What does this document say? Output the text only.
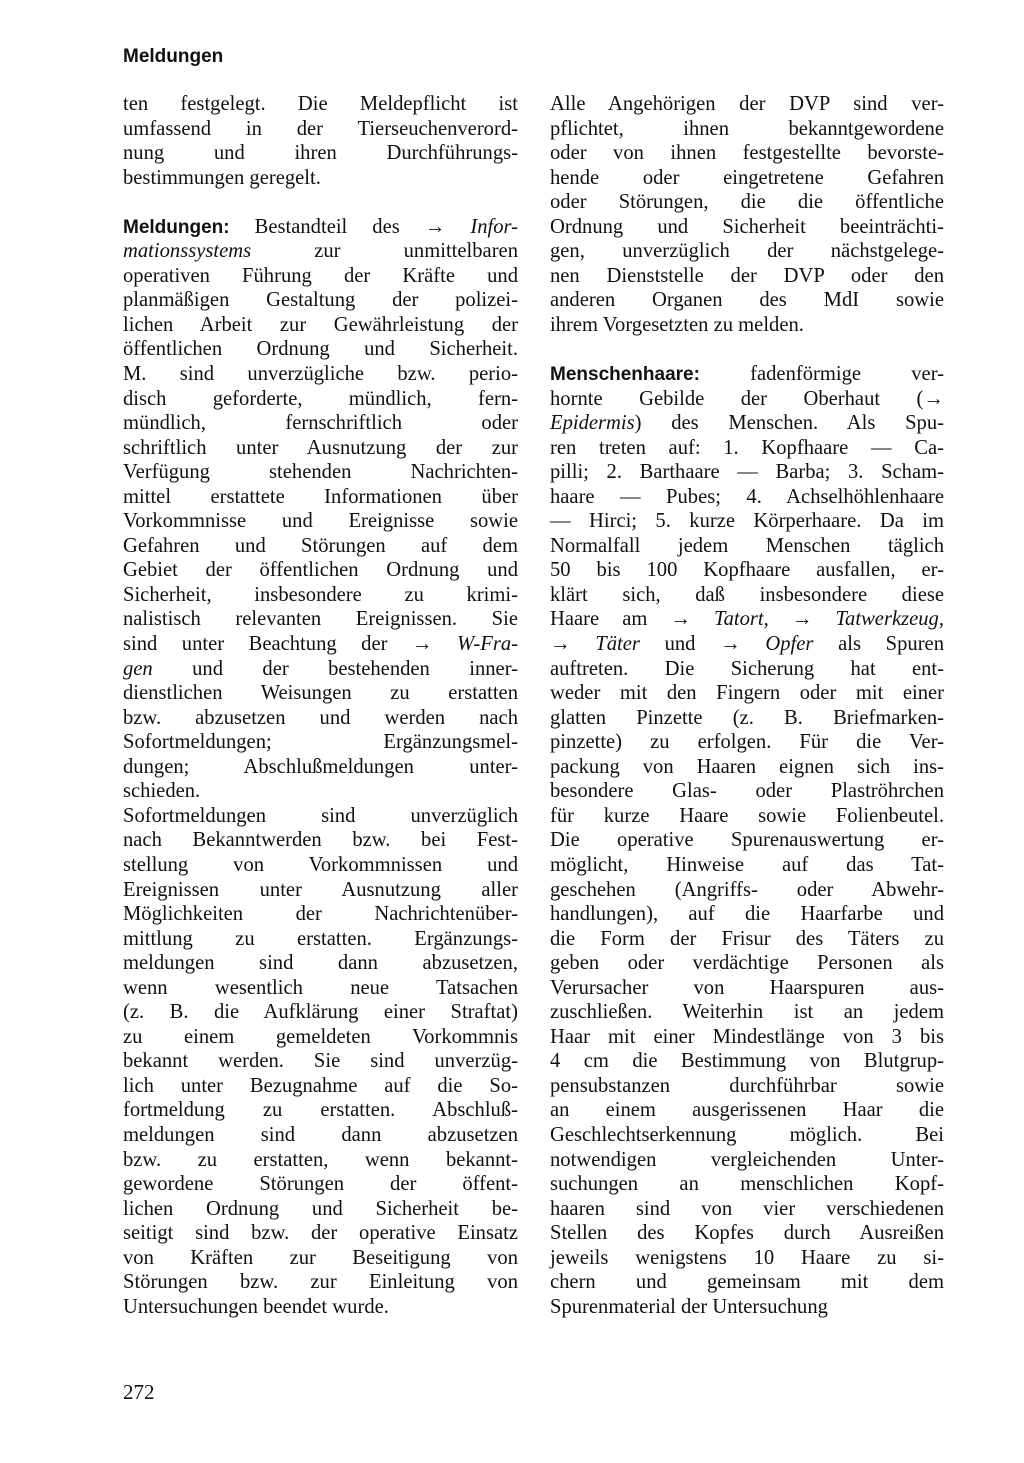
Meldungen
ten festgelegt. Die Meldepflicht ist
umfassend in der Tierseuchenverord-
nung und ihren Durchführungs-
bestimmungen geregelt.
Meldungen: Bestandteil des → Infor-
mationssystems zur unmittelbaren
operativen Führung der Kräfte und
planmäßigen Gestaltung der polizei-
lichen Arbeit zur Gewährleistung der
öffentlichen Ordnung und Sicherheit.
M. sind unverzügliche bzw. perio-
disch geforderte, mündlich, fern-
mündlich, fernschriftlich oder
schriftlich unter Ausnutzung der zur
Verfügung stehenden Nachrichten-
mittel erstattete Informationen über
Vorkommnisse und Ereignisse sowie
Gefahren und Störungen auf dem
Gebiet der öffentlichen Ordnung und
Sicherheit, insbesondere zu krimi-
nalistisch relevanten Ereignissen. Sie
sind unter Beachtung der → W-Fra-
gen und der bestehenden inner-
dienstlichen Weisungen zu erstatten
bzw. abzusetzen und werden nach
Sofortmeldungen; Ergänzungsmel-
dungen; Abschlußmeldungen unter-
schieden.
Sofortmeldungen sind unverzüglich
nach Bekanntwerden bzw. bei Fest-
stellung von Vorkommnissen und
Ereignissen unter Ausnutzung aller
Möglichkeiten der Nachrichtenüber-
mittlung zu erstatten. Ergänzungs-
meldungen sind dann abzusetzen,
wenn wesentlich neue Tatsachen
(z. B. die Aufklärung einer Straftat)
zu einem gemeldeten Vorkommnis
bekannt werden. Sie sind unverzüg-
lich unter Bezugnahme auf die So-
fortmeldung zu erstatten. Abschluß-
meldungen sind dann abzusetzen
bzw. zu erstatten, wenn bekannt-
gewordene Störungen der öffent-
lichen Ordnung und Sicherheit be-
seitigt sind bzw. der operative Einsatz
von Kräften zur Beseitigung von
Störungen bzw. zur Einleitung von
Untersuchungen beendet wurde.
Alle Angehörigen der DVP sind ver-
pflichtet, ihnen bekanntgewordene
oder von ihnen festgestellte bevorste-
hende oder eingetretene Gefahren
oder Störungen, die die öffentliche
Ordnung und Sicherheit beeinträchti-
gen, unverzüglich der nächstgelege-
nen Dienststelle der DVP oder den
anderen Organen des MdI sowie
ihrem Vorgesetzten zu melden.
Menschenhaare: fadenförmige ver-
hornte Gebilde der Oberhaut (→
Epidermis) des Menschen. Als Spu-
ren treten auf: 1. Kopfhaare — Ca-
pilli; 2. Barthaare — Barba; 3. Scham-
haare — Pubes; 4. Achselhöhlenhaare
— Hirci; 5. kurze Körperhaare. Da im
Normalfall jedem Menschen täglich
50 bis 100 Kopfhaare ausfallen, er-
klärt sich, daß insbesondere diese
Haare am → Tatort, → Tatwerkzeug,
→ Täter und → Opfer als Spuren
auftreten. Die Sicherung hat ent-
weder mit den Fingern oder mit einer
glatten Pinzette (z. B. Briefmarken-
pinzette) zu erfolgen. Für die Ver-
packung von Haaren eignen sich ins-
besondere Glas- oder Plaströhrchen
für kurze Haare sowie Folienbeutel.
Die operative Spurenauswertung er-
möglicht, Hinweise auf das Tat-
geschehen (Angriffs- oder Abwehr-
handlungen), auf die Haarfarbe und
die Form der Frisur des Täters zu
geben oder verdächtige Personen als
Verursacher von Haarspuren aus-
zuschließen. Weiterhin ist an jedem
Haar mit einer Mindestlänge von 3 bis
4 cm die Bestimmung von Blutgrup-
pensubstanzen durchführbar sowie
an einem ausgerissenen Haar die
Geschlechtserkennung möglich. Bei
notwendigen vergleichenden Unter-
suchungen an menschlichen Kopf-
haaren sind von vier verschiedenen
Stellen des Kopfes durch Ausreißen
jeweils wenigstens 10 Haare zu si-
chern und gemeinsam mit dem
Spurenmaterial der Untersuchung
272
